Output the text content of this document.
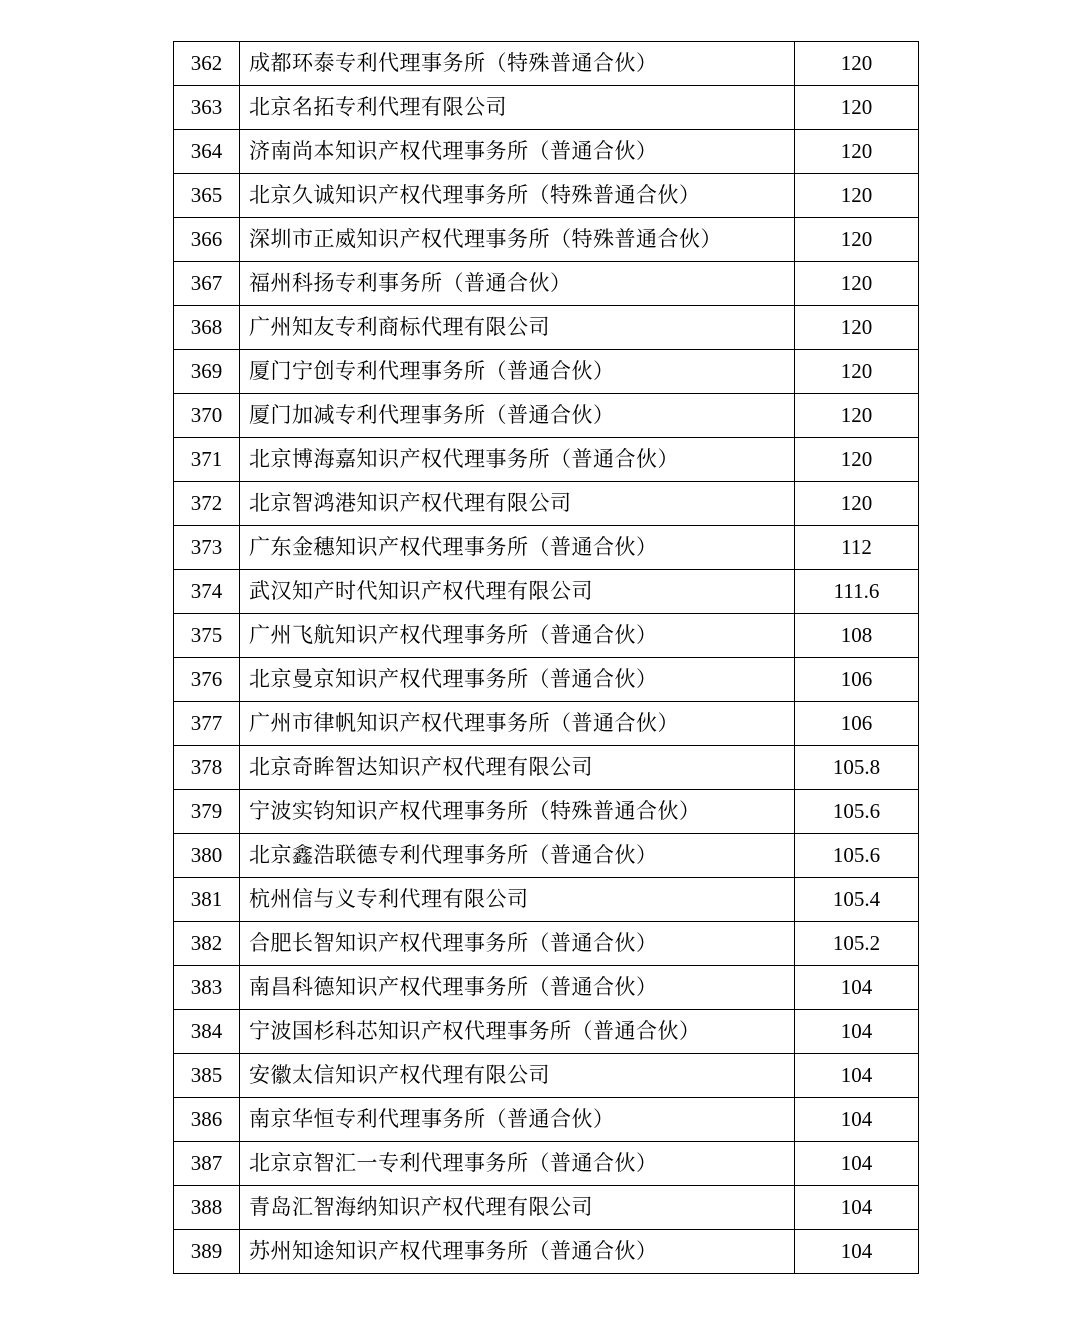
362	成都环泰专利代理事务所（特殊普通合伙）	120
363	北京名拓专利代理有限公司	120
364	济南尚本知识产权代理事务所（普通合伙）	120
365	北京久诚知识产权代理事务所（特殊普通合伙）	120
366	深圳市正威知识产权代理事务所（特殊普通合伙）	120
367	福州科扬专利事务所（普通合伙）	120
368	广州知友专利商标代理有限公司	120
369	厦门宁创专利代理事务所（普通合伙）	120
370	厦门加减专利代理事务所（普通合伙）	120
371	北京博海嘉知识产权代理事务所（普通合伙）	120
372	北京智鸿港知识产权代理有限公司	120
373	广东金穗知识产权代理事务所（普通合伙）	112
374	武汉知产时代知识产权代理有限公司	111.6
375	广州飞航知识产权代理事务所（普通合伙）	108
376	北京曼京知识产权代理事务所（普通合伙）	106
377	广州市律帆知识产权代理事务所（普通合伙）	106
378	北京奇眸智达知识产权代理有限公司	105.8
379	宁波实钧知识产权代理事务所（特殊普通合伙）	105.6
380	北京鑫浩联德专利代理事务所（普通合伙）	105.6
381	杭州信与义专利代理有限公司	105.4
382	合肥长智知识产权代理事务所（普通合伙）	105.2
383	南昌科德知识产权代理事务所（普通合伙）	104
384	宁波国杉科芯知识产权代理事务所（普通合伙）	104
385	安徽太信知识产权代理有限公司	104
386	南京华恒专利代理事务所（普通合伙）	104
387	北京京智汇一专利代理事务所（普通合伙）	104
388	青岛汇智海纳知识产权代理有限公司	104
389	苏州知途知识产权代理事务所（普通合伙）	104
